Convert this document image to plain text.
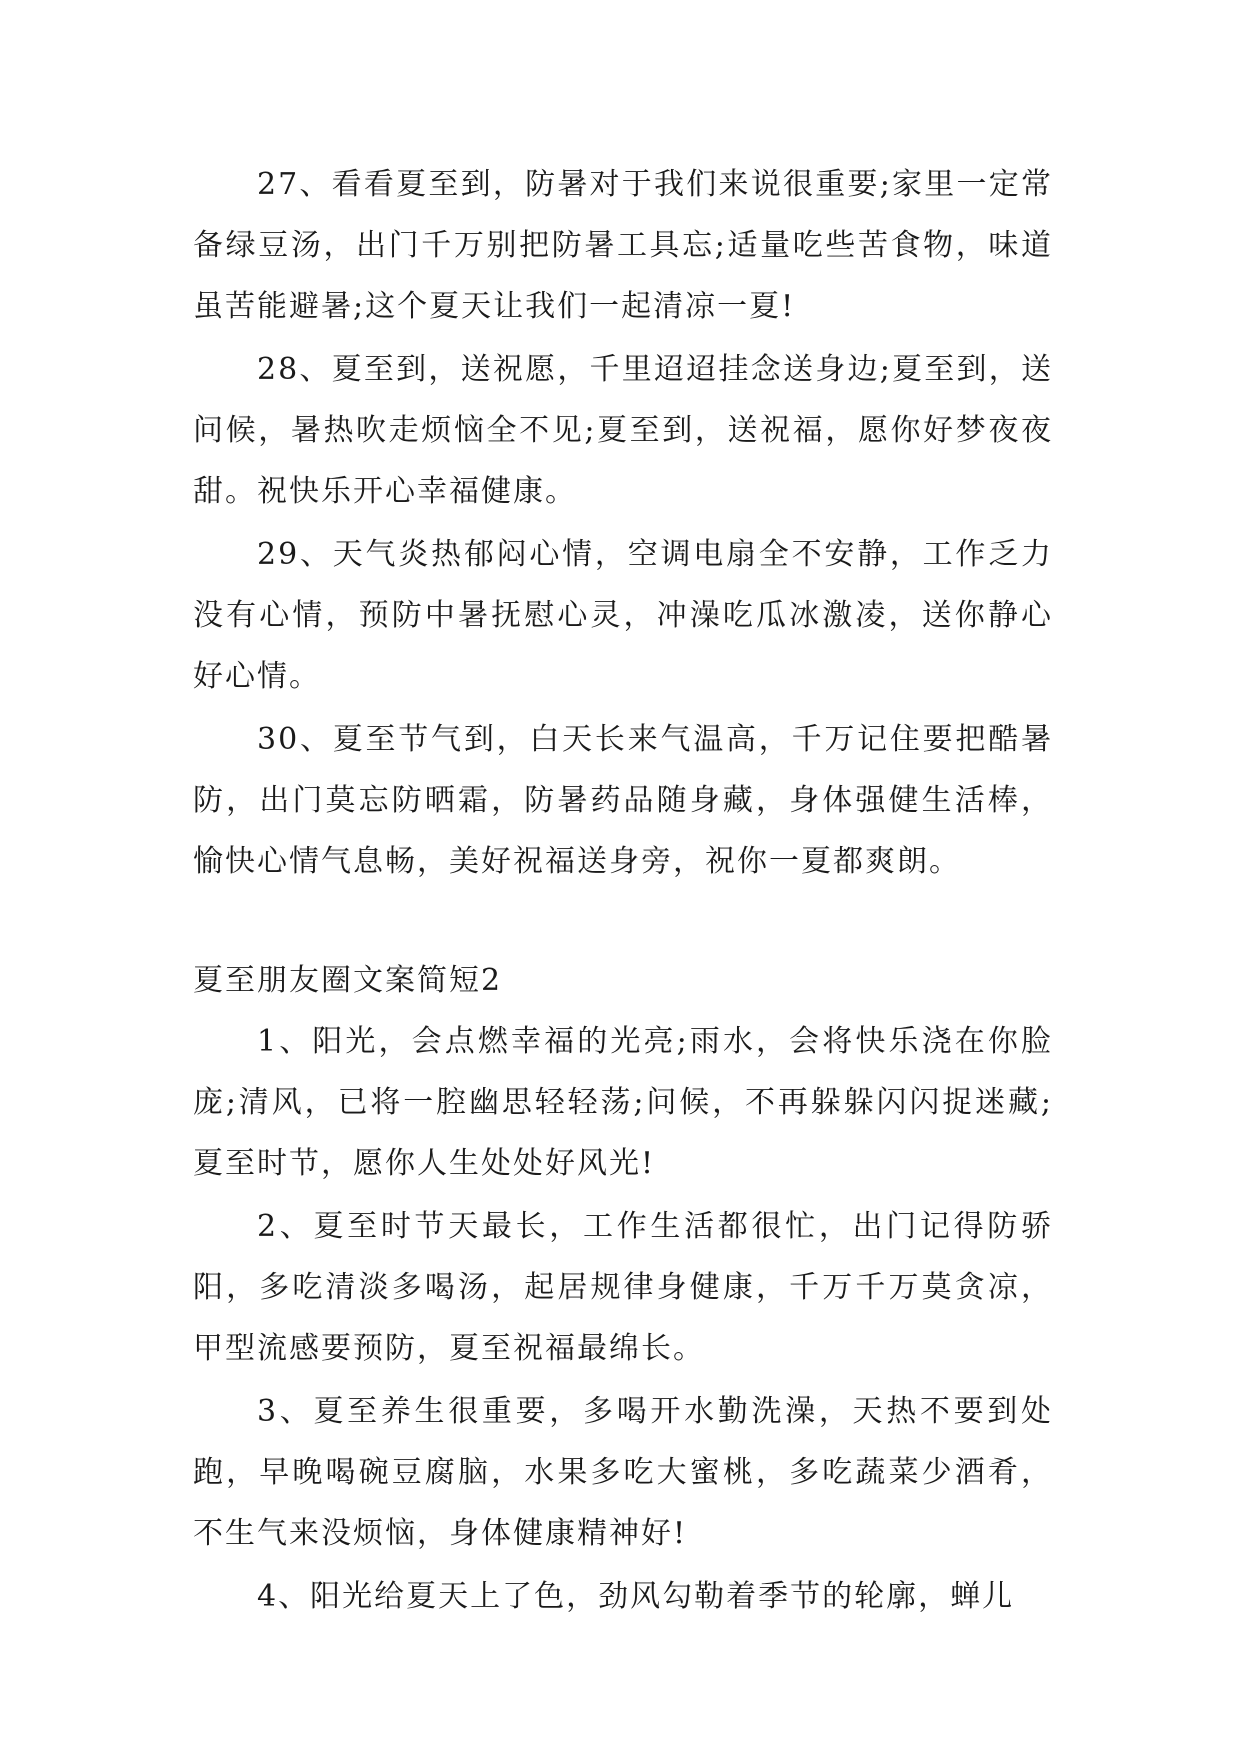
27、看看夏至到，防暑对于我们来说很重要;家里一定常备绿豆汤，出门千万别把防暑工具忘;适量吃些苦食物，味道虽苦能避暑;这个夏天让我们一起清凉一夏!

28、夏至到，送祝愿，千里迢迢挂念送身边;夏至到，送问候，暑热吹走烦恼全不见;夏至到，送祝福，愿你好梦夜夜甜。祝快乐开心幸福健康。

29、天气炎热郁闷心情，空调电扇全不安静，工作乏力没有心情，预防中暑抚慰心灵，冲澡吃瓜冰激凌，送你静心好心情。

30、夏至节气到，白天长来气温高，千万记住要把酷暑防，出门莫忘防晒霜，防暑药品随身藏，身体强健生活棒，愉快心情气息畅，美好祝福送身旁，祝你一夏都爽朗。

夏至朋友圈文案简短2

1、阳光，会点燃幸福的光亮;雨水，会将快乐浇在你脸庞;清风，已将一腔幽思轻轻荡;问候，不再躲躲闪闪捉迷藏;夏至时节，愿你人生处处好风光!

2、夏至时节天最长，工作生活都很忙，出门记得防骄阳，多吃清淡多喝汤，起居规律身健康，千万千万莫贪凉，甲型流感要预防，夏至祝福最绵长。

3、夏至养生很重要，多喝开水勤洗澡，天热不要到处跑，早晚喝碗豆腐脑，水果多吃大蜜桃，多吃蔬菜少酒肴，不生气来没烦恼，身体健康精神好!

4、阳光给夏天上了色，劲风勾勒着季节的轮廓，蝉儿
